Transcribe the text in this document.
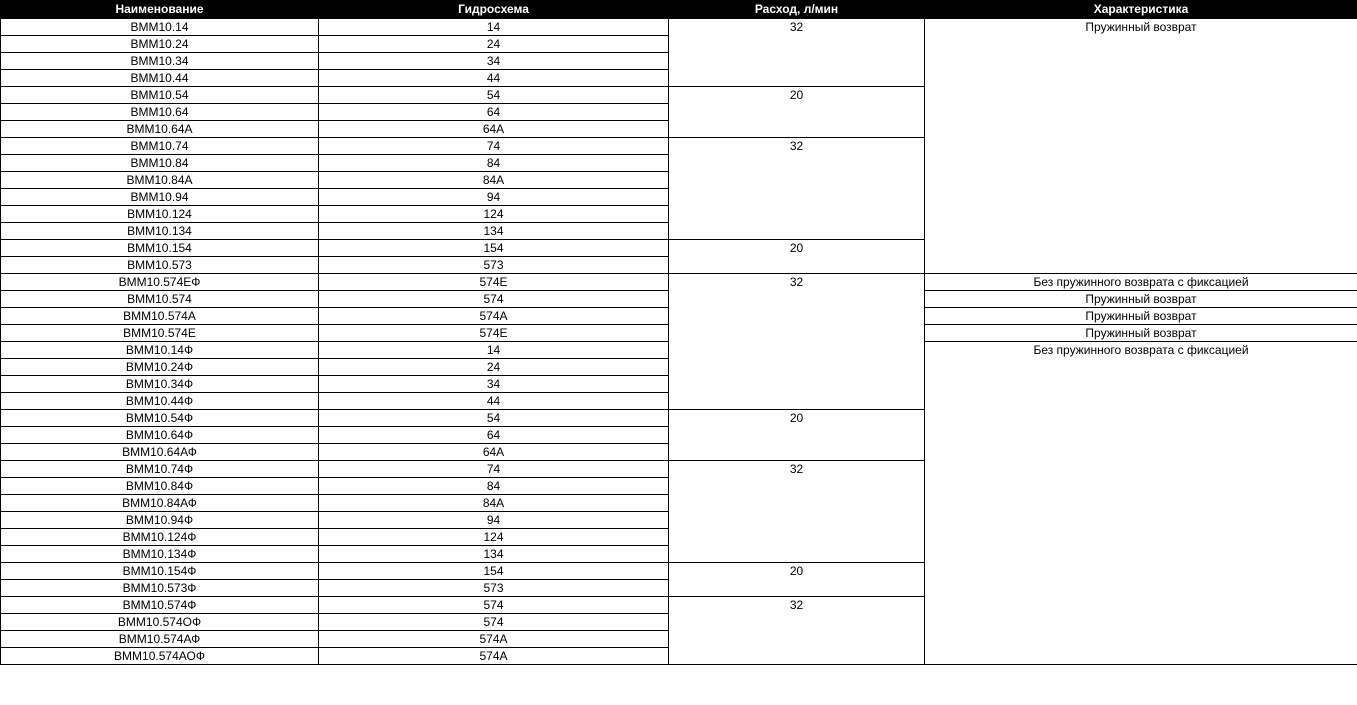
Наименование	Гидросхема	Расход, л/мин	Характеристика
ВММ10.14	14	32	Пружинный возврат
ВММ10.24	24		
ВММ10.34	34		
ВММ10.44	44		
ВММ10.54	54	20	
ВММ10.64	64		
ВММ10.64А	64А		
ВММ10.74	74	32	
ВММ10.84	84		
ВММ10.84А	84А		
ВММ10.94	94		
ВММ10.124	124		
ВММ10.134	134		
ВММ10.154	154	20	
ВММ10.573	573		
ВММ10.574ЕФ	574Е	32	Без пружинного возврата с фиксацией
ВММ10.574	574		Пружинный возврат
ВММ10.574А	574А		Пружинный возврат
ВММ10.574Е	574Е		Пружинный возврат
ВММ10.14Ф	14		Без пружинного возврата с фиксацией
ВММ10.24Ф	24		
ВММ10.34Ф	34		
ВММ10.44Ф	44		
ВММ10.54Ф	54	20	
ВММ10.64Ф	64		
ВММ10.64АФ	64А		
ВММ10.74Ф	74	32	
ВММ10.84Ф	84		
ВММ10.84АФ	84А		
ВММ10.94Ф	94		
ВММ10.124Ф	124		
ВММ10.134Ф	134		
ВММ10.154Ф	154	20	
ВММ10.573Ф	573		
ВММ10.574Ф	574	32	
ВММ10.574ОФ	574		
ВММ10.574АФ	574А		
ВММ10.574АОФ	574А		
